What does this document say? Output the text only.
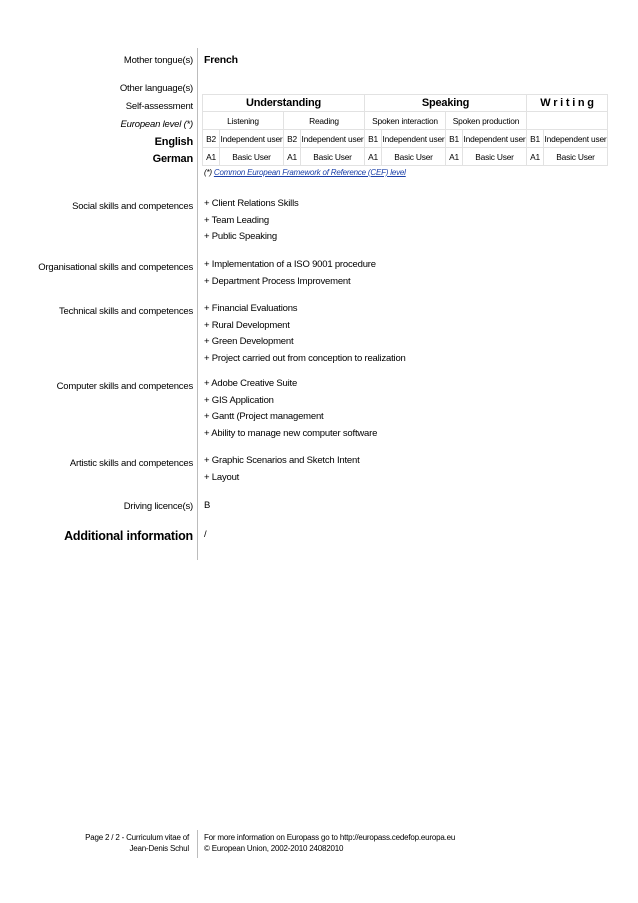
Mother tongue(s) French
Other language(s)
Self-assessment
European level (*)
English
German
Understanding				Speaking				W r i t i n g	
Listening		Reading		Spoken interaction		Spoken production			
B2	Independent user	B2	Independent user	B1	Independent user	B1	Independent user	B1	Independent user
A1	Basic User	A1	Basic User	A1	Basic User	A1	Basic User	A1	Basic User
(*) Common European Framework of Reference (CEF) level
Social skills and competences + Client Relations Skills
+ Team Leading
+ Public Speaking
Organisational skills and competences + Implementation of a ISO 9001 procedure
+ Department Process Improvement
Technical skills and competences + Financial Evaluations
+ Rural Development
+ Green Development
+ Project carried out from conception to realization
Computer skills and competences + Adobe Creative Suite
+ GIS Application
+ Gantt (Project management
+ Ability to manage new computer software
Artistic skills and competences + Graphic Scenarios and Sketch Intent
+ Layout
Driving licence(s) B
Additional information /
Page 2 / 2 - Curriculum vitae of
Jean-Denis Schul
For more information on Europass go to http://europass.cedefop.europa.eu
© European Union, 2002-2010 24082010
